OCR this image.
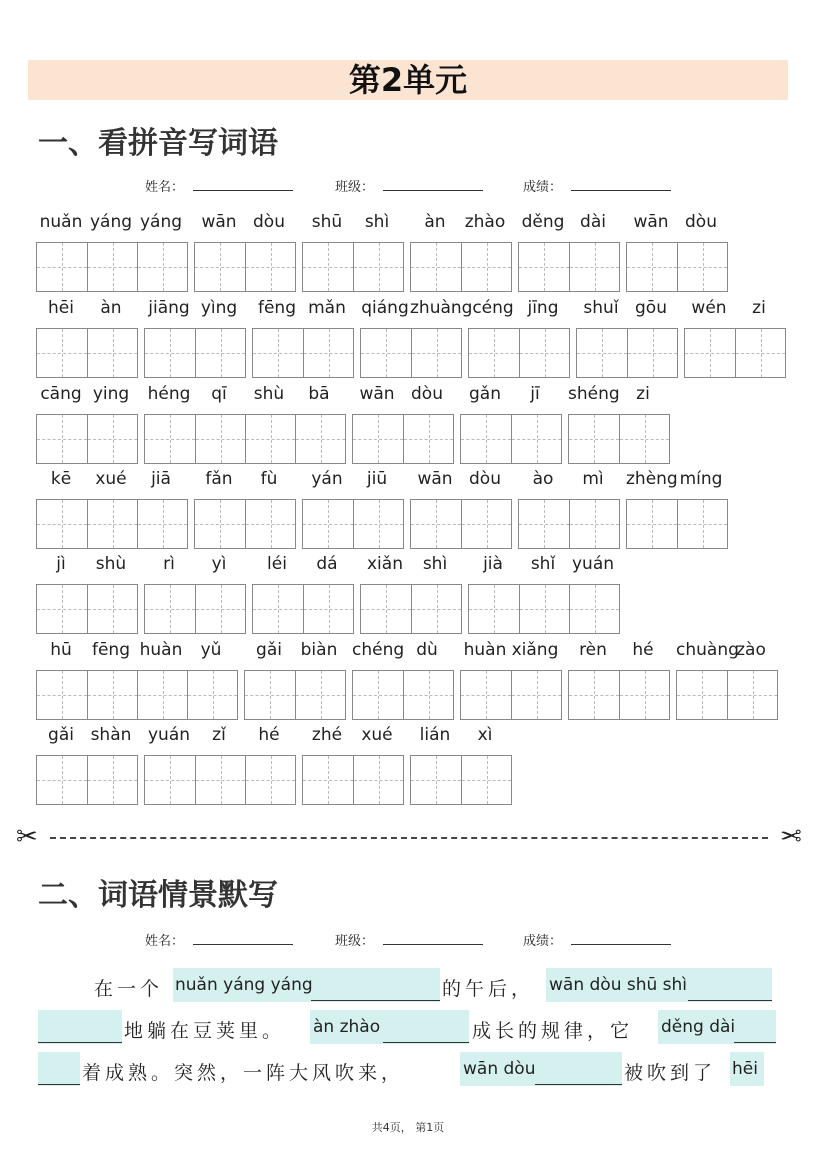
第2单元
一、看拼音写词语
姓名：	班级：	成绩：
nuǎn yáng yáng	wān dòu	shū	shì	àn	zhào děng dài	wān dòu
hēi	àn	jiāng yìng	fēng mǎn qiáng zhuàng céng jīng	shuǐ gōu	wén	zi
cāng ying	héng	qī	shù	bā	wān dòu	gǎn	jī	shéng zi
kē	xué	jiā	fǎn	fù	yán	jiū	wān dòu	ào	mì	zhèng míng
jì	shù	rì	yì	léi	dá	xiǎn	shì	jià	shǐ yuán
hū	fēng huàn	yǔ	gǎi	biàn chéng dù	huàn xiǎng	rèn	hé	chuàng
zào
gǎi shàn yuán	zǐ	hé	zhé	xué	lián	xì
✂	✂
二、词语情景默写
姓名：	班级：	成绩：
在一个 nuǎn yáng yáng	的午后， wān dòu shū shì
地躺在豆荚里。 àn zhào	成长的规律，它 děng dài
着成熟。突然，一阵大风吹来，	wān dòu	被吹到了 hēi
共4页， 第1页
